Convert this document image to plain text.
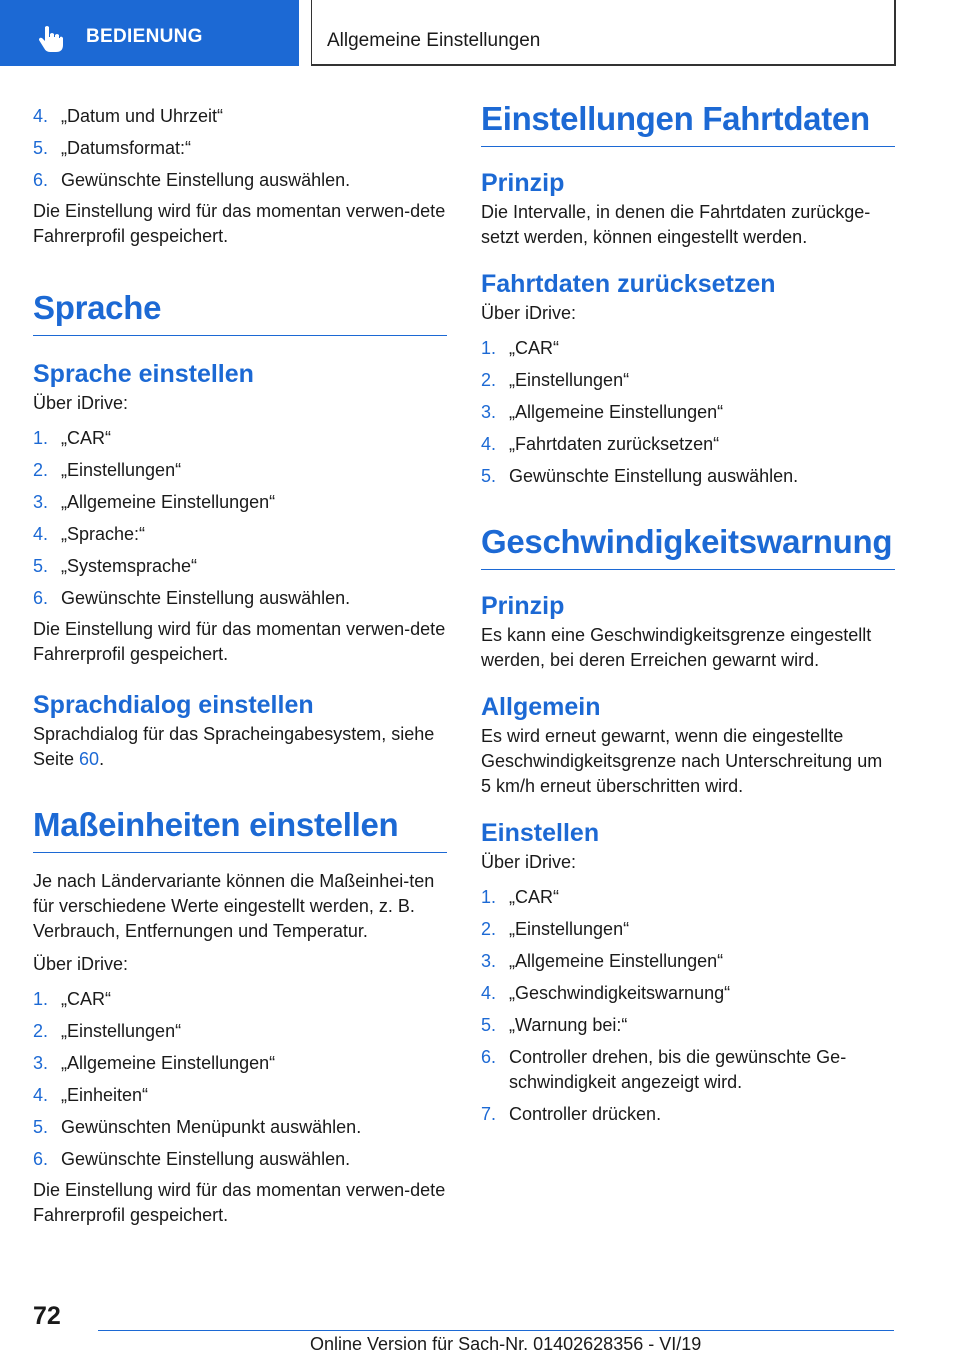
BEDIENUNG	Allgemeine Einstellungen
4. „Datum und Uhrzeit“
5. „Datumsformat:“
6. Gewünschte Einstellung auswählen.

Die Einstellung wird für das momentan verwen‐dete Fahrerprofil gespeichert.

Sprache
Sprache einstellen

Über iDrive:

1. „CAR“
2. „Einstellungen“
3. „Allgemeine Einstellungen“
4. „Sprache:“
5. „Systemsprache“
6. Gewünschte Einstellung auswählen.

Die Einstellung wird für das momentan verwen‐dete Fahrerprofil gespeichert.

Sprachdialog einstellen

Sprachdialog für das Spracheingabesystem, siehe Seite 60.

Maßeinheiten einstellen

Je nach Ländervariante können die Maßeinhei‐ten für verschiedene Werte eingestellt werden, z. B. Verbrauch, Entfernungen und Temperatur.

Über iDrive:

1. „CAR“
2. „Einstellungen“
3. „Allgemeine Einstellungen“
4. „Einheiten“
5. Gewünschten Menüpunkt auswählen.
6. Gewünschte Einstellung auswählen.

Die Einstellung wird für das momentan verwen‐dete Fahrerprofil gespeichert.

Einstellungen Fahrtdaten
Prinzip

Die Intervalle, in denen die Fahrtdaten zurückge‐setzt werden, können eingestellt werden.

Fahrtdaten zurücksetzen

Über iDrive:

1. „CAR“
2. „Einstellungen“
3. „Allgemeine Einstellungen“
4. „Fahrtdaten zurücksetzen“
5. Gewünschte Einstellung auswählen.
Geschwindigkeitswarnung
Prinzip

Es kann eine Geschwindigkeitsgrenze eingestellt werden, bei deren Erreichen gewarnt wird.

Allgemein

Es wird erneut gewarnt, wenn die eingestellte Geschwindigkeitsgrenze nach Unterschreitung um 5 km/h erneut überschritten wird.

Einstellen

Über iDrive:

1. „CAR“
2. „Einstellungen“
3. „Allgemeine Einstellungen“
4. „Geschwindigkeitswarnung“
5. „Warnung bei:“
6. Controller drehen, bis die gewünschte Ge‐schwindigkeit angezeigt wird.
7. Controller drücken.
72
Online Version für Sach-Nr. 01402628356 - VI/19
